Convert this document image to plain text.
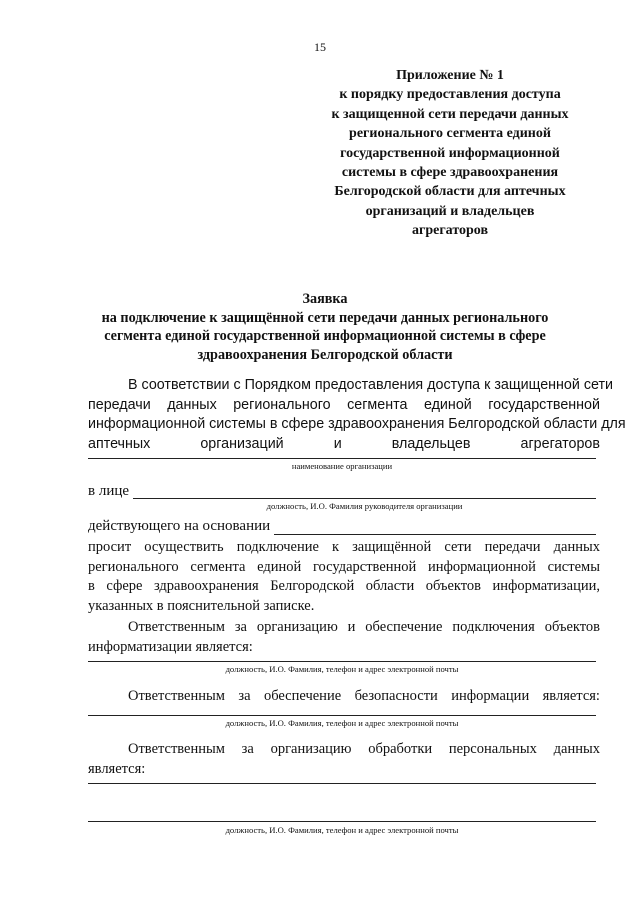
15
Приложение № 1
к порядку предоставления доступа
к защищенной сети передачи данных
регионального сегмента единой
государственной информационной
системы в сфере здравоохранения
Белгородской области для аптечных
организаций и владельцев
агрегаторов
Заявка
на подключение к защищённой сети передачи данных регионального
сегмента единой государственной информационной системы в сфере
здравоохранения Белгородской области
В соответствии с Порядком предоставления доступа к защищенной сети
передачи данных регионального сегмента единой государственной
информационной системы в сфере здравоохранения Белгородской области для
аптечных	организаций	и	владельцев	агрегаторов
наименование организации
в лице
должность, И.О. Фамилия руководителя организации
действующего на основании
просит осуществить подключение к защищённой сети передачи данных
регионального сегмента единой государственной информационной системы
в сфере здравоохранения Белгородской области объектов информатизации,
указанных в пояснительной записке.
Ответственным за организацию и обеспечение подключения объектов
информатизации является:
должность, И.О. Фамилия, телефон и адрес электронной почты
Ответственным за обеспечение безопасности информации является:
должность, И.О. Фамилия, телефон и адрес электронной почты
Ответственным за организацию обработки персональных данных
является:
должность, И.О. Фамилия, телефон и адрес электронной почты
